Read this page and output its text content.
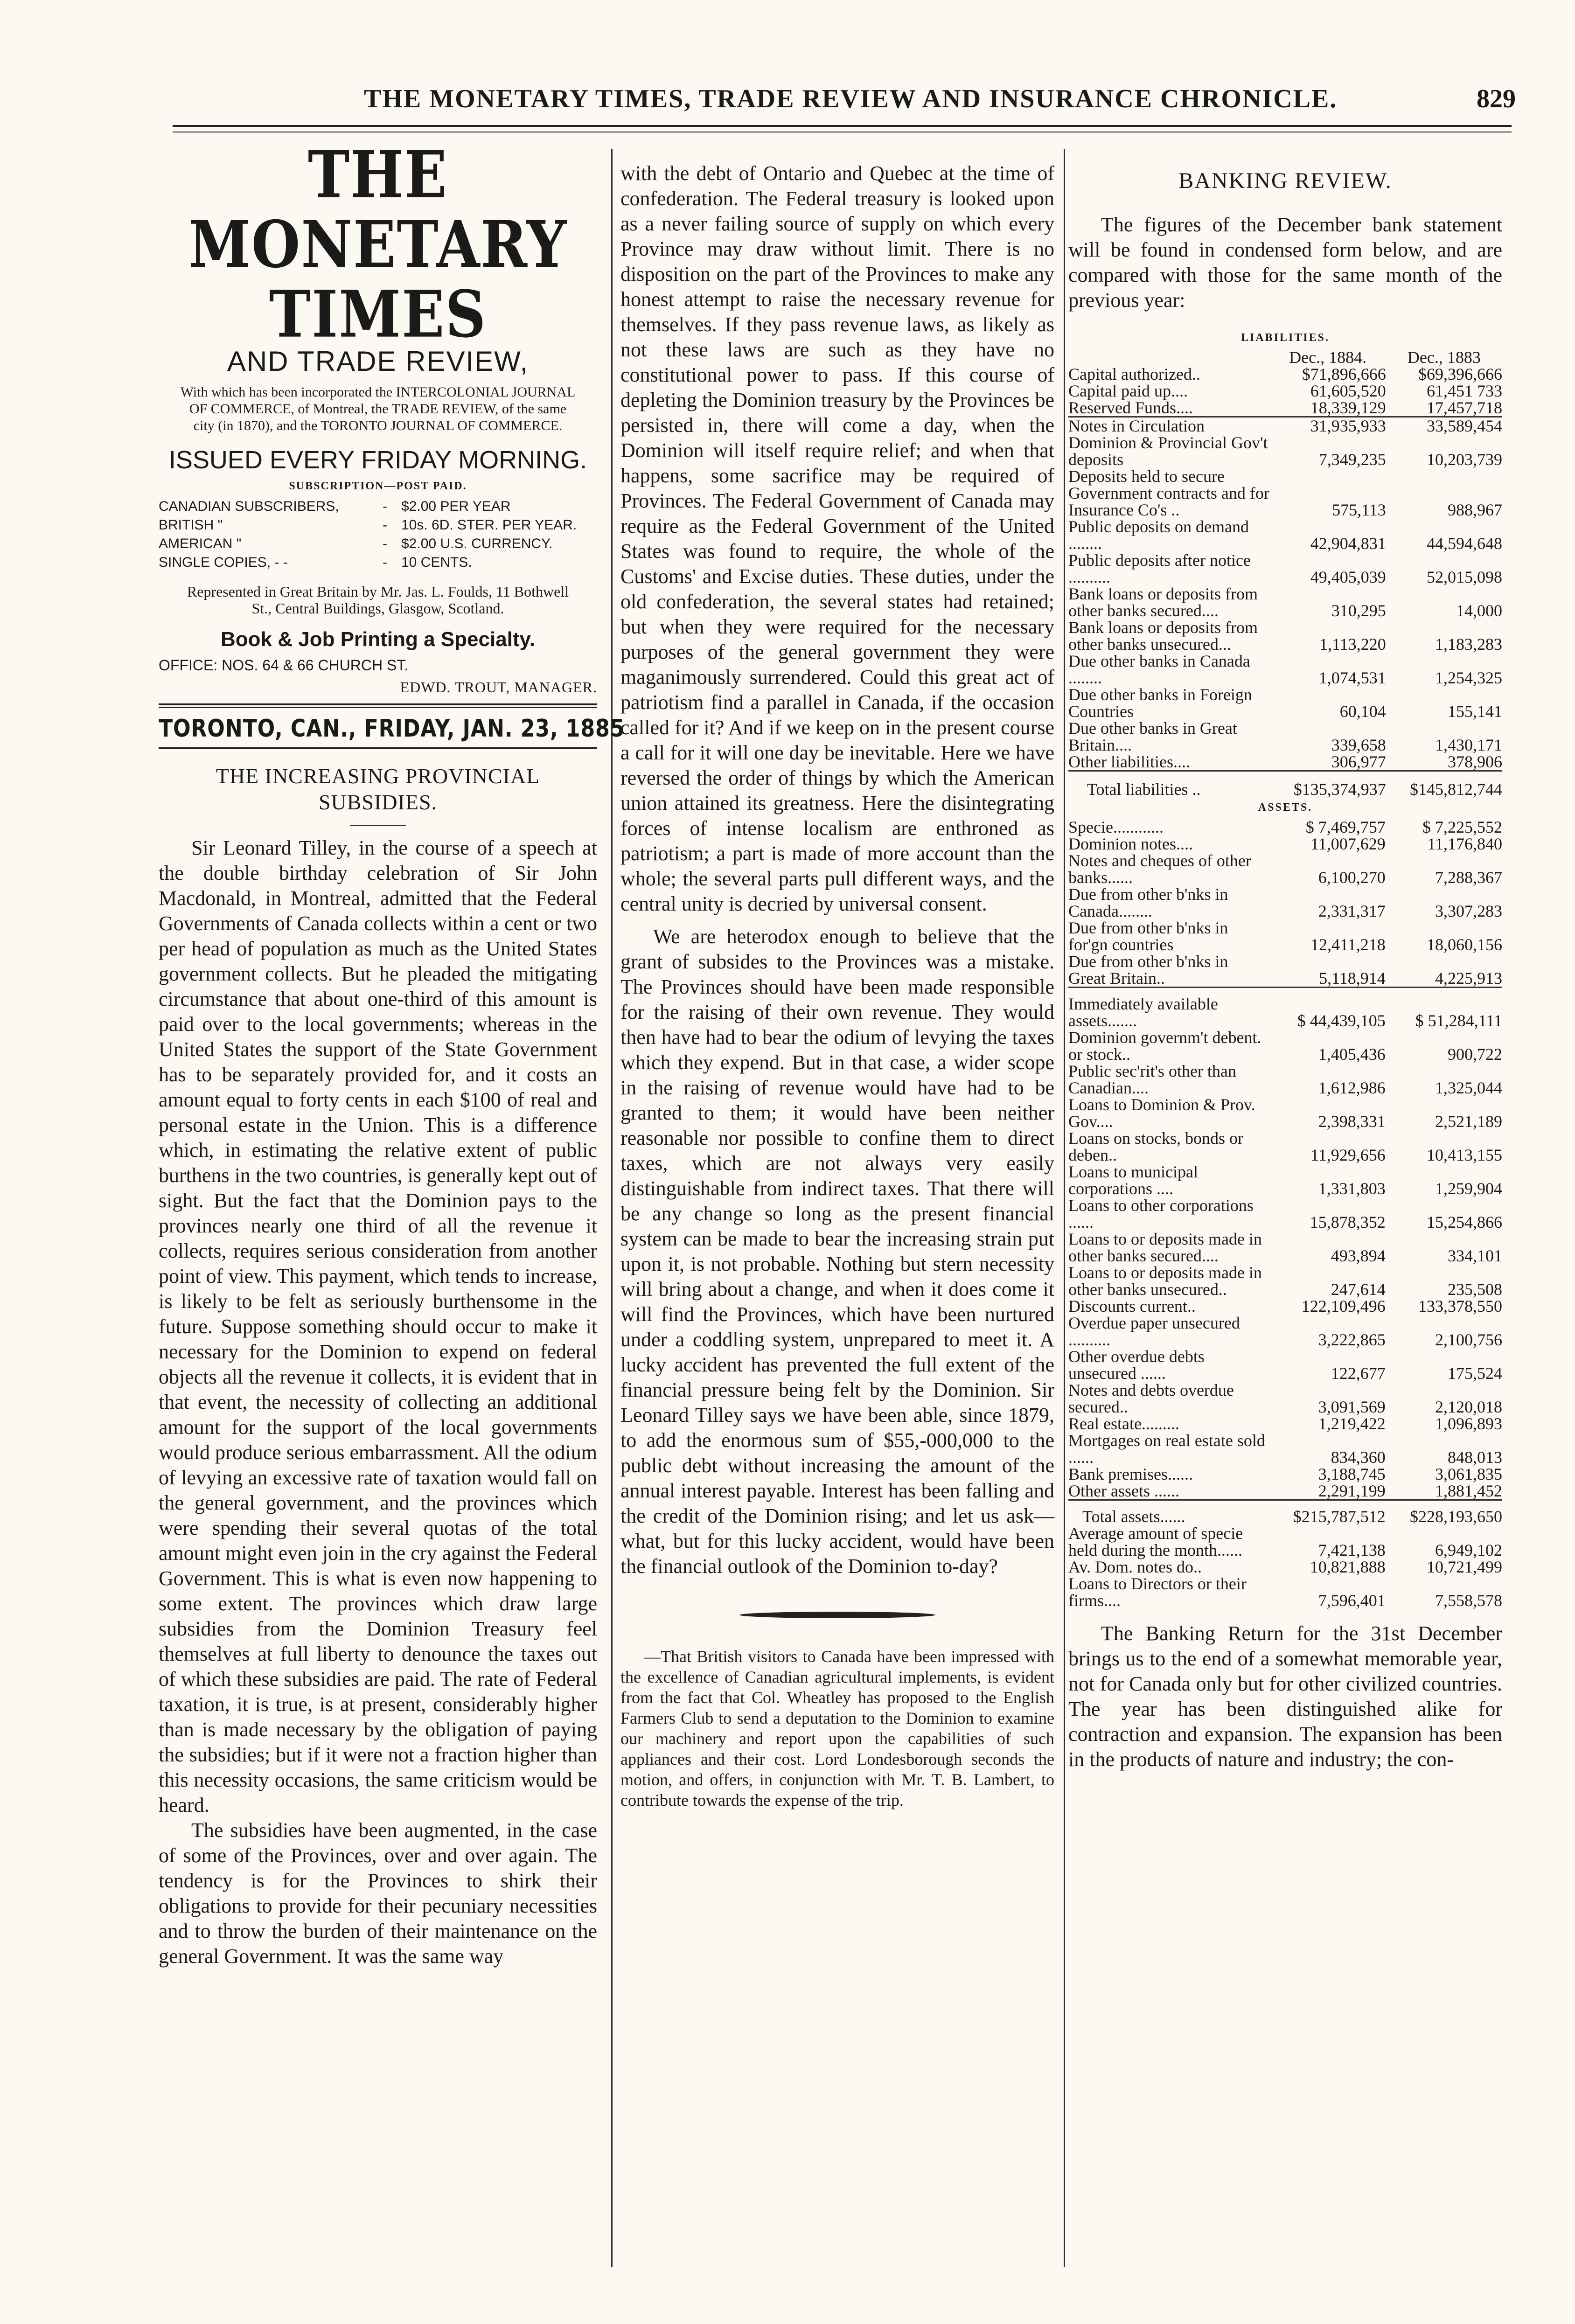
THE MONETARY TIMES, TRADE REVIEW AND INSURANCE CHRONICLE.	829
THE MONETARY TIMES
AND TRADE REVIEW,
With which has been incorporated the INTERCOLONIAL JOURNAL OF COMMERCE, of Montreal, the TRADE REVIEW, of the same city (in 1870), and the TORONTO JOURNAL OF COMMERCE.
ISSUED EVERY FRIDAY MORNING.
SUBSCRIPTION—POST PAID.
CANADIAN SUBSCRIBERS,	-	$2.00 PER YEAR
BRITISH "	-	10s. 6D. STER. PER YEAR.
AMERICAN "	-	$2.00 U.S. CURRENCY.
SINGLE COPIES, - -	-	10 CENTS.
Represented in Great Britain by Mr. Jas. L. Foulds, 11 Bothwell St., Central Buildings, Glasgow, Scotland.
Book & Job Printing a Specialty.
OFFICE: NOS. 64 & 66 CHURCH ST.
EDWD. TROUT, MANAGER.
TORONTO, CAN., FRIDAY, JAN. 23, 1885
THE INCREASING PROVINCIAL SUBSIDIES.

Sir Leonard Tilley, in the course of a speech at the double birthday celebration of Sir John Macdonald, in Montreal, admitted that the Federal Governments of Canada collects within a cent or two per head of population as much as the United States government collects. But he pleaded the mitigating circumstance that about one-third of this amount is paid over to the local governments; whereas in the United States the support of the State Government has to be separately provided for, and it costs an amount equal to forty cents in each $100 of real and personal estate in the Union. This is a difference which, in estimating the relative extent of public burthens in the two countries, is generally kept out of sight. But the fact that the Dominion pays to the provinces nearly one third of all the revenue it collects, requires serious consideration from another point of view. This payment, which tends to increase, is likely to be felt as seriously burthensome in the future. Suppose something should occur to make it necessary for the Dominion to expend on federal objects all the revenue it collects, it is evident that in that event, the necessity of collecting an additional amount for the support of the local governments would produce serious embarrassment. All the odium of levying an excessive rate of taxation would fall on the general government, and the provinces which were spending their several quotas of the total amount might even join in the cry against the Federal Government. This is what is even now happening to some extent. The provinces which draw large subsidies from the Dominion Treasury feel themselves at full liberty to denounce the taxes out of which these subsidies are paid. The rate of Federal taxation, it is true, is at present, considerably higher than is made necessary by the obligation of paying the subsidies; but if it were not a fraction higher than this necessity occasions, the same criticism would be heard.

The subsidies have been augmented, in the case of some of the Provinces, over and over again. The tendency is for the Provinces to shirk their obligations to provide for their pecuniary necessities and to throw the burden of their maintenance on the general Government. It was the same way

with the debt of Ontario and Quebec at the time of confederation. The Federal treasury is looked upon as a never failing source of supply on which every Province may draw without limit. There is no disposition on the part of the Provinces to make any honest attempt to raise the necessary revenue for themselves. If they pass revenue laws, as likely as not these laws are such as they have no constitutional power to pass. If this course of depleting the Dominion treasury by the Provinces be persisted in, there will come a day, when the Dominion will itself require relief; and when that happens, some sacrifice may be required of Provinces. The Federal Government of Canada may require as the Federal Government of the United States was found to require, the whole of the Customs' and Excise duties. These duties, under the old confederation, the several states had retained; but when they were required for the necessary purposes of the general government they were maganimously surrendered. Could this great act of patriotism find a parallel in Canada, if the occasion called for it? And if we keep on in the present course a call for it will one day be inevitable. Here we have reversed the order of things by which the American union attained its greatness. Here the disintegrating forces of intense localism are enthroned as patriotism; a part is made of more account than the whole; the several parts pull different ways, and the central unity is decried by universal consent.

We are heterodox enough to believe that the grant of subsides to the Provinces was a mistake. The Provinces should have been made responsible for the raising of their own revenue. They would then have had to bear the odium of levying the taxes which they expend. But in that case, a wider scope in the raising of revenue would have had to be granted to them; it would have been neither reasonable nor possible to confine them to direct taxes, which are not always very easily distinguishable from indirect taxes. That there will be any change so long as the present financial system can be made to bear the increasing strain put upon it, is not probable. Nothing but stern necessity will bring about a change, and when it does come it will find the Provinces, which have been nurtured under a coddling system, unprepared to meet it. A lucky accident has prevented the full extent of the financial pressure being felt by the Dominion. Sir Leonard Tilley says we have been able, since 1879, to add the enormous sum of $55,-000,000 to the public debt without increasing the amount of the annual interest payable. Interest has been falling and the credit of the Dominion rising; and let us ask—what, but for this lucky accident, would have been the financial outlook of the Dominion to-day?

—That British visitors to Canada have been impressed with the excellence of Canadian agricultural implements, is evident from the fact that Col. Wheatley has proposed to the English Farmers Club to send a deputation to the Dominion to examine our machinery and report upon the capabilities of such appliances and their cost. Lord Londesborough seconds the motion, and offers, in conjunction with Mr. T. B. Lambert, to contribute towards the expense of the trip.

BANKING REVIEW.

The figures of the December bank statement will be found in condensed form below, and are compared with those for the same month of the previous year:

LIABILITIES.
	Dec., 1884.	Dec., 1883
Capital authorized..	$71,896,666	$69,396,666
Capital paid up....	61,605,520	61,451 733
Reserved Funds....	18,339,129	17,457,718

Notes in Circulation	31,935,933	33,589,454
Dominion & Provincial Gov't deposits	7,349,235	10,203,739
Deposits held to secure Government contracts and for Insurance Co's ..	575,113	988,967
Public deposits on demand ........	42,904,831	44,594,648
Public deposits after notice ..........	49,405,039	52,015,098
Bank loans or deposits from other banks secured....	310,295	14,000
Bank loans or deposits from other banks unsecured...	1,113,220	1,183,283
Due other banks in Canada ........	1,074,531	1,254,325
Due other banks in Foreign Countries	60,104	155,141
Due other banks in Great Britain....	339,658	1,430,171
Other liabilities....	306,977	378,906

Total liabilities ..	$135,374,937	$145,812,744
ASSETS.
Specie............	$ 7,469,757	$ 7,225,552
Dominion notes....	11,007,629	11,176,840
Notes and cheques of other banks......	6,100,270	7,288,367
Due from other b'nks in Canada........	2,331,317	3,307,283
Due from other b'nks in for'gn countries	12,411,218	18,060,156
Due from other b'nks in Great Britain..	5,118,914	4,225,913

Immediately available assets.......	$ 44,439,105	$ 51,284,111
Dominion governm't debent. or stock..	1,405,436	900,722
Public sec'rit's other than Canadian....	1,612,986	1,325,044
Loans to Dominion & Prov. Gov....	2,398,331	2,521,189
Loans on stocks, bonds or deben..	11,929,656	10,413,155
Loans to municipal corporations ....	1,331,803	1,259,904
Loans to other corporations ......	15,878,352	15,254,866
Loans to or deposits made in other banks secured....	493,894	334,101
Loans to or deposits made in other banks unsecured..	247,614	235,508
Discounts current..	122,109,496	133,378,550
Overdue paper unsecured ..........	3,222,865	2,100,756
Other overdue debts unsecured ......	122,677	175,524
Notes and debts overdue secured..	3,091,569	2,120,018
Real estate.........	1,219,422	1,096,893
Mortgages on real estate sold ......	834,360	848,013
Bank premises......	3,188,745	3,061,835
Other assets ......	2,291,199	1,881,452

Total assets......	$215,787,512	$228,193,650
Average amount of specie held during the month......	7,421,138	6,949,102
Av. Dom. notes do..	10,821,888	10,721,499
Loans to Directors or their firms....	7,596,401	7,558,578

The Banking Return for the 31st December brings us to the end of a somewhat memorable year, not for Canada only but for other civilized countries. The year has been distinguished alike for contraction and expansion. The expansion has been in the products of nature and industry; the con-
